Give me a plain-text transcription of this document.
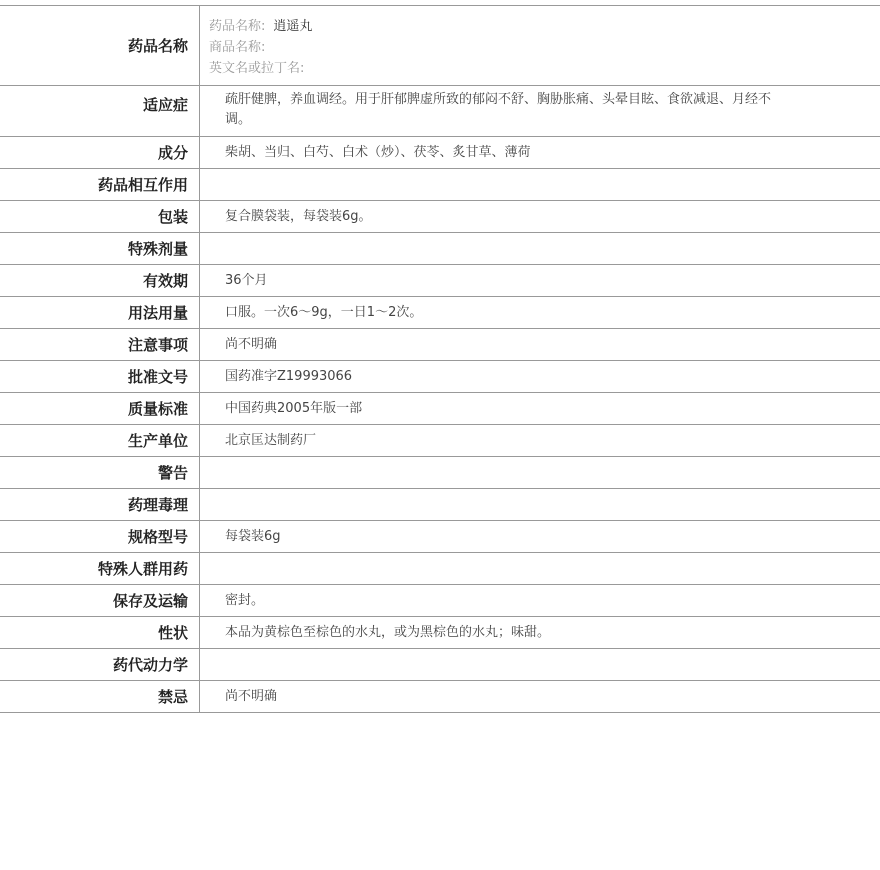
药品名称
药品名称: 逍遥丸
商品名称:
英文名或拉丁名:
适应症	疏肝健脾，养血调经。用于肝郁脾虚所致的郁闷不舒、胸胁胀痛、头晕目眩、食欲减退、月经不调。
成分	柴胡、当归、白芍、白术（炒）、茯苓、炙甘草、薄荷
药品相互作用
包装	复合膜袋装，每袋装6g。
特殊剂量
有效期	36个月
用法用量	口服。一次6～9g，一日1～2次。
注意事项	尚不明确
批准文号	国药准字Z19993066
质量标准	中国药典2005年版一部
生产单位	北京匡达制药厂
警告
药理毒理
规格型号	每袋装6g
特殊人群用药
保存及运输	密封。
性状	本品为黄棕色至棕色的水丸，或为黑棕色的水丸；味甜。
药代动力学
禁忌	尚不明确
